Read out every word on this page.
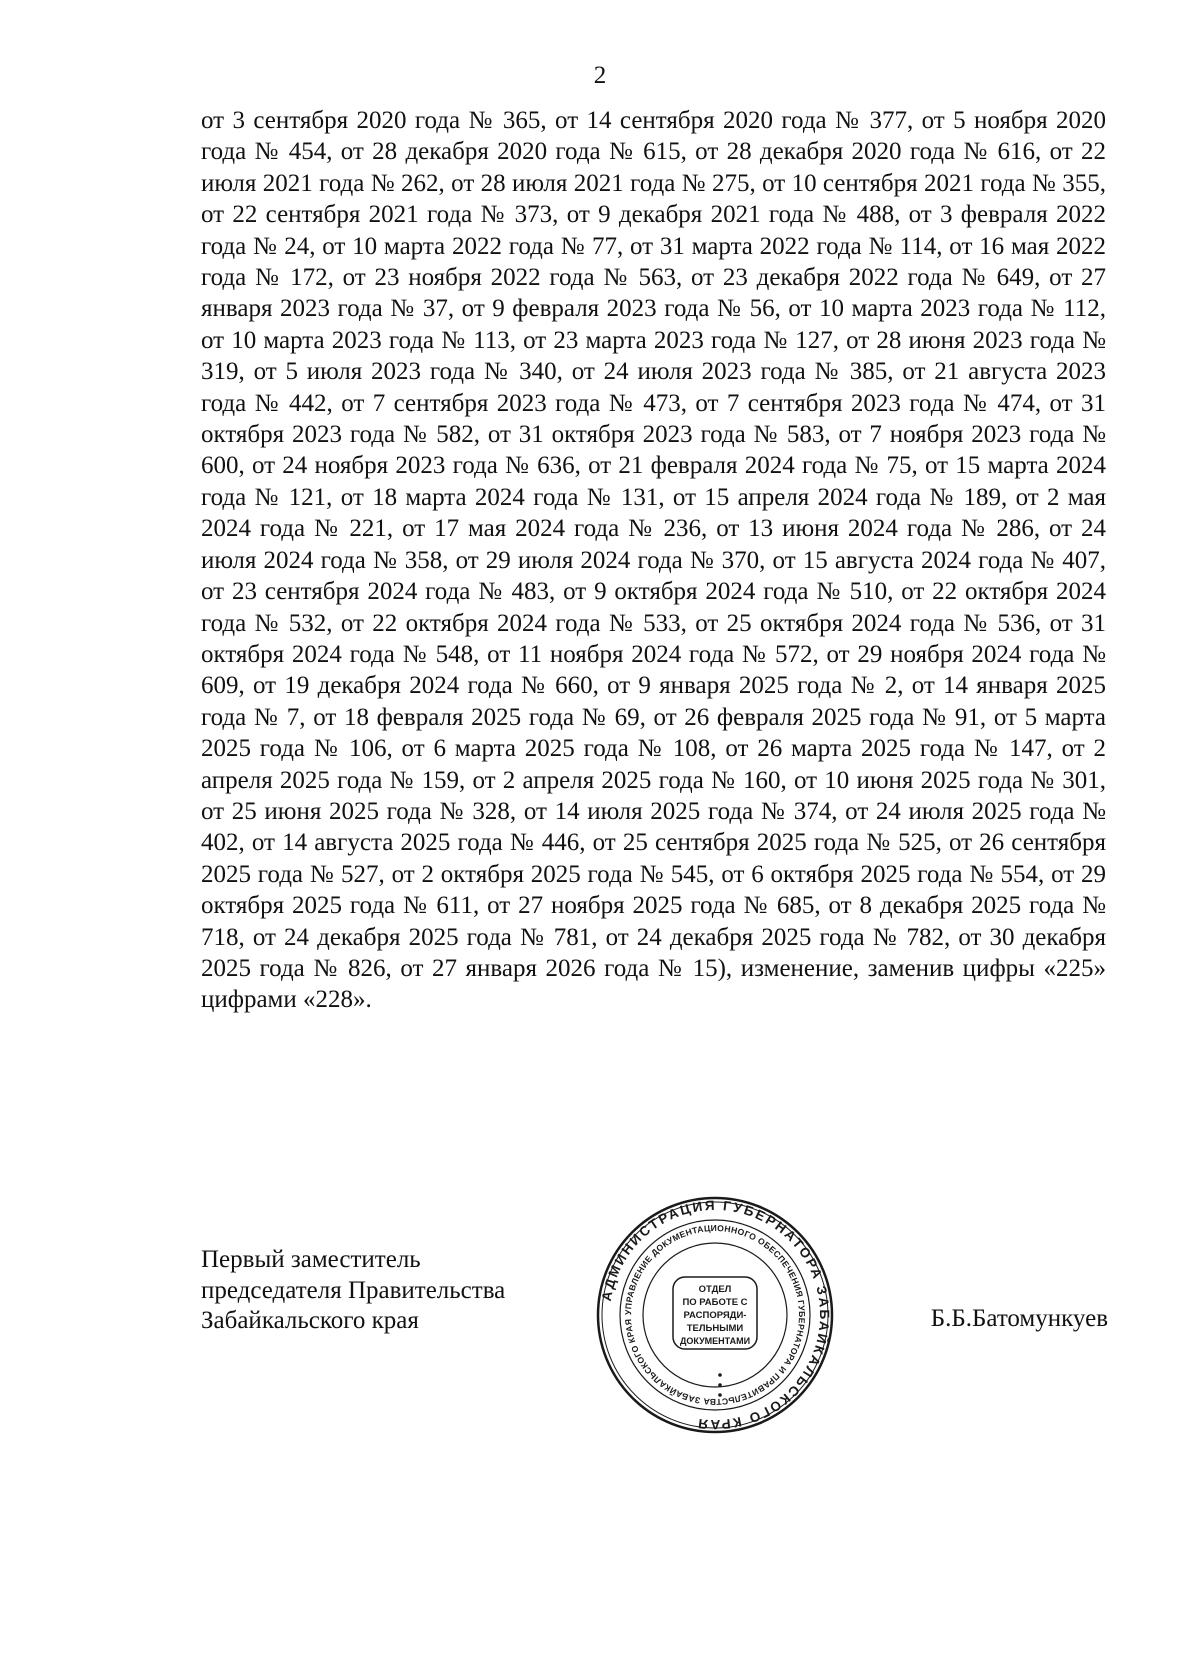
2

от 3 сентября 2020 года № 365, от 14 сентября 2020 года № 377, от 5 ноября 2020 года № 454, от 28 декабря 2020 года № 615, от 28 декабря 2020 года № 616, от 22 июля 2021 года № 262, от 28 июля 2021 года № 275, от 10 сентября 2021 года № 355, от 22 сентября 2021 года № 373, от 9 декабря 2021 года № 488, от 3 февраля 2022 года № 24, от 10 марта 2022 года № 77, от 31 марта 2022 года № 114, от 16 мая 2022 года № 172, от 23 ноября 2022 года № 563, от 23 декабря 2022 года № 649, от 27 января 2023 года № 37, от 9 февраля 2023 года № 56, от 10 марта 2023 года № 112, от 10 марта 2023 года № 113, от 23 марта 2023 года № 127, от 28 июня 2023 года № 319, от 5 июля 2023 года № 340, от 24 июля 2023 года № 385, от 21 августа 2023 года № 442, от 7 сентября 2023 года № 473, от 7 сентября 2023 года № 474, от 31 октября 2023 года № 582, от 31 октября 2023 года № 583, от 7 ноября 2023 года № 600, от 24 ноября 2023 года № 636, от 21 февраля 2024 года № 75, от 15 марта 2024 года № 121, от 18 марта 2024 года № 131, от 15 апреля 2024 года № 189, от 2 мая 2024 года № 221, от 17 мая 2024 года № 236, от 13 июня 2024 года № 286, от 24 июля 2024 года № 358, от 29 июля 2024 года № 370, от 15 августа 2024 года № 407, от 23 сентября 2024 года № 483, от 9 октября 2024 года № 510, от 22 октября 2024 года № 532, от 22 октября 2024 года № 533, от 25 октября 2024 года № 536, от 31 октября 2024 года № 548, от 11 ноября 2024 года № 572, от 29 ноября 2024 года № 609, от 19 декабря 2024 года № 660, от 9 января 2025 года № 2, от 14 января 2025 года № 7, от 18 февраля 2025 года № 69, от 26 февраля 2025 года № 91, от 5 марта 2025 года № 106, от 6 марта 2025 года № 108, от 26 марта 2025 года № 147, от 2 апреля 2025 года № 159, от 2 апреля 2025 года № 160, от 10 июня 2025 года № 301, от 25 июня 2025 года № 328, от 14 июля 2025 года № 374, от 24 июля 2025 года № 402, от 14 августа 2025 года № 446, от 25 сентября 2025 года № 525, от 26 сентября 2025 года № 527, от 2 октября 2025 года № 545, от 6 октября 2025 года № 554, от 29 октября 2025 года № 611, от 27 ноября 2025 года № 685, от 8 декабря 2025 года № 718, от 24 декабря 2025 года № 781, от 24 декабря 2025 года № 782, от 30 декабря 2025 года № 826, от 27 января 2026 года № 15), изменение, заменив цифры «225» цифрами «228».

Первый заместитель
председателя Правительства
Забайкальского края
АДМИНИСТРАЦИЯ ГУБЕРНАТОРА ЗАБАЙКАЛЬСКОГО КРАЯ
УПРАВЛЕНИЕ ДОКУМЕНТАЦИОННОГО ОБЕСПЕЧЕНИЯ ГУБЕРНАТОРА И ПРАВИТЕЛЬСТВА ЗАБАЙКАЛЬСКОГО КРАЯ
ОТДЕЛ
ПО РАБОТЕ С
РАСПОРЯДИ-
ТЕЛЬНЫМИ
ДОКУМЕНТАМИ
Б.Б.Батомункуев
